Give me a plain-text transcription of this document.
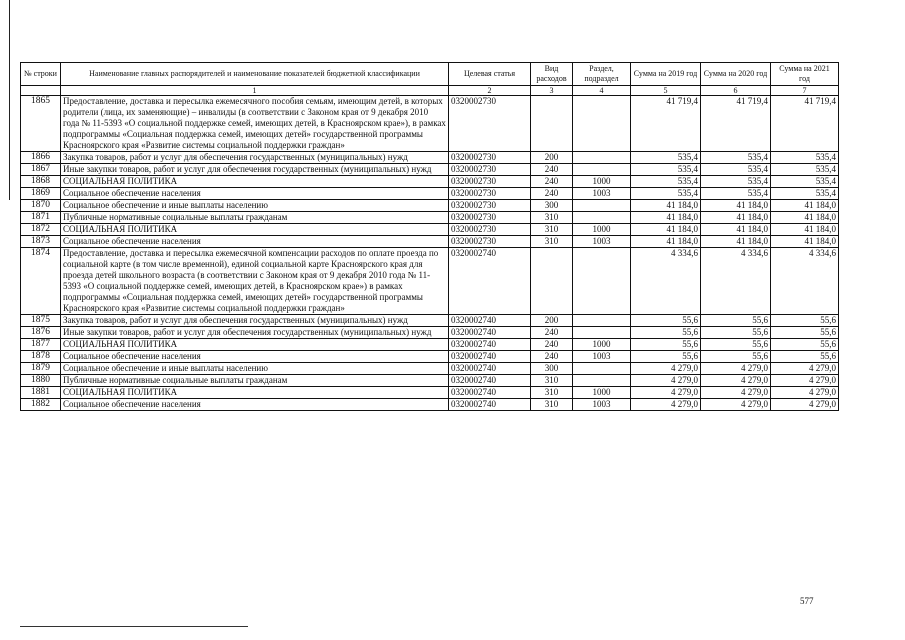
№ строки	Наименование главных распорядителей и наименование показателей бюджетной классификации	Целевая статья	Вид расходов	Раздел, подраздел	Сумма на 2019 год	Сумма на 2020 год	Сумма на 2021 год
	1	2	3	4	5	6	7
1865	Предоставление, доставка и пересылка ежемесячного пособия семьям, имеющим детей, в которых родители (лица, их заменяющие) – инвалиды (в соответствии с Законом края от 9 декабря 2010 года № 11-5393 «О социальной поддержке семей, имеющих детей, в Красноярском крае»), в рамках подпрограммы «Социальная поддержка семей, имеющих детей» государственной программы Красноярского края «Развитие системы социальной поддержки граждан»	0320002730			41 719,4	41 719,4	41 719,4
1866	Закупка товаров, работ и услуг для обеспечения государственных (муниципальных) нужд	0320002730	200		535,4	535,4	535,4
1867	Иные закупки товаров, работ и услуг для обеспечения государственных (муниципальных) нужд	0320002730	240		535,4	535,4	535,4
1868	СОЦИАЛЬНАЯ ПОЛИТИКА	0320002730	240	1000	535,4	535,4	535,4
1869	Социальное обеспечение населения	0320002730	240	1003	535,4	535,4	535,4
1870	Социальное обеспечение и иные выплаты населению	0320002730	300		41 184,0	41 184,0	41 184,0
1871	Публичные нормативные социальные выплаты гражданам	0320002730	310		41 184,0	41 184,0	41 184,0
1872	СОЦИАЛЬНАЯ ПОЛИТИКА	0320002730	310	1000	41 184,0	41 184,0	41 184,0
1873	Социальное обеспечение населения	0320002730	310	1003	41 184,0	41 184,0	41 184,0
1874	Предоставление, доставка и пересылка ежемесячной компенсации расходов по оплате проезда по социальной карте (в том числе временной), единой социальной карте Красноярского края для проезда детей школьного возраста (в соответствии с Законом края от 9 декабря 2010 года № 11-5393 «О социальной поддержке семей, имеющих детей, в Красноярском крае») в рамках подпрограммы «Социальная поддержка семей, имеющих детей» государственной программы Красноярского края «Развитие системы социальной поддержки граждан»	0320002740			4 334,6	4 334,6	4 334,6
1875	Закупка товаров, работ и услуг для обеспечения государственных (муниципальных) нужд	0320002740	200		55,6	55,6	55,6
1876	Иные закупки товаров, работ и услуг для обеспечения государственных (муниципальных) нужд	0320002740	240		55,6	55,6	55,6
1877	СОЦИАЛЬНАЯ ПОЛИТИКА	0320002740	240	1000	55,6	55,6	55,6
1878	Социальное обеспечение населения	0320002740	240	1003	55,6	55,6	55,6
1879	Социальное обеспечение и иные выплаты населению	0320002740	300		4 279,0	4 279,0	4 279,0
1880	Публичные нормативные социальные выплаты гражданам	0320002740	310		4 279,0	4 279,0	4 279,0
1881	СОЦИАЛЬНАЯ ПОЛИТИКА	0320002740	310	1000	4 279,0	4 279,0	4 279,0
1882	Социальное обеспечение населения	0320002740	310	1003	4 279,0	4 279,0	4 279,0
577
